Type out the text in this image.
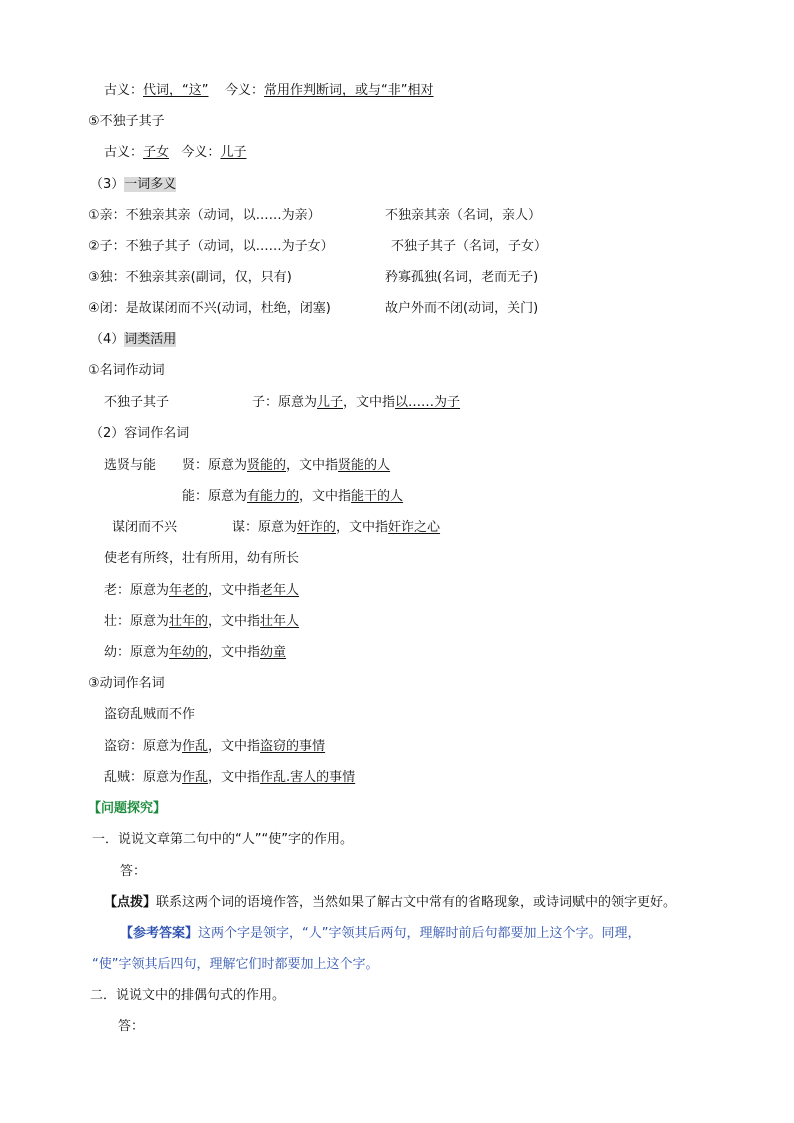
古义：代词，“这”    今义：常用作判断词，或与“非”相对
⑤不独子其子
古义：子女   今义：儿子
（3）一词多义
①亲：不独亲其亲（动词，以……为亲）	不独亲其亲（名词，亲人）
②子：不独子其子（动词，以……为子女）	不独子其子（名词，子女）
③独：不独亲其亲(副词，仅，只有)	矜寡孤独(名词，老而无子)
④闭：是故谋闭而不兴(动词，杜绝，闭塞)	故户外而不闭(动词，关门)
（4）词类活用
①名词作动词
不独子其子	子：原意为儿子，文中指以……为子
（2）容词作名词
选贤与能 贤：原意为贤能的，文中指贤能的人
能：原意为有能力的，文中指能干的人
谋闭而不兴	谋：原意为奸诈的，文中指奸诈之心
使老有所终，壮有所用，幼有所长
老：原意为年老的，文中指老年人
壮：原意为壮年的，文中指壮年人
幼：原意为年幼的，文中指幼童
③动词作名词
盗窃乱贼而不作
盗窃：原意为作乱，文中指盗窃的事情
乱贼：原意为作乱，文中指作乱.害人的事情
【问题探究】
一．说说文章第二句中的“人”“使”字的作用。
答：
【点拨】联系这两个词的语境作答，当然如果了解古文中常有的省略现象，或诗词赋中的领字更好。
【参考答案】这两个字是领字，“人”字领其后两句，理解时前后句都要加上这个字。同理，
“使”字领其后四句，理解它们时都要加上这个字。
二．说说文中的排偶句式的作用。
答：
